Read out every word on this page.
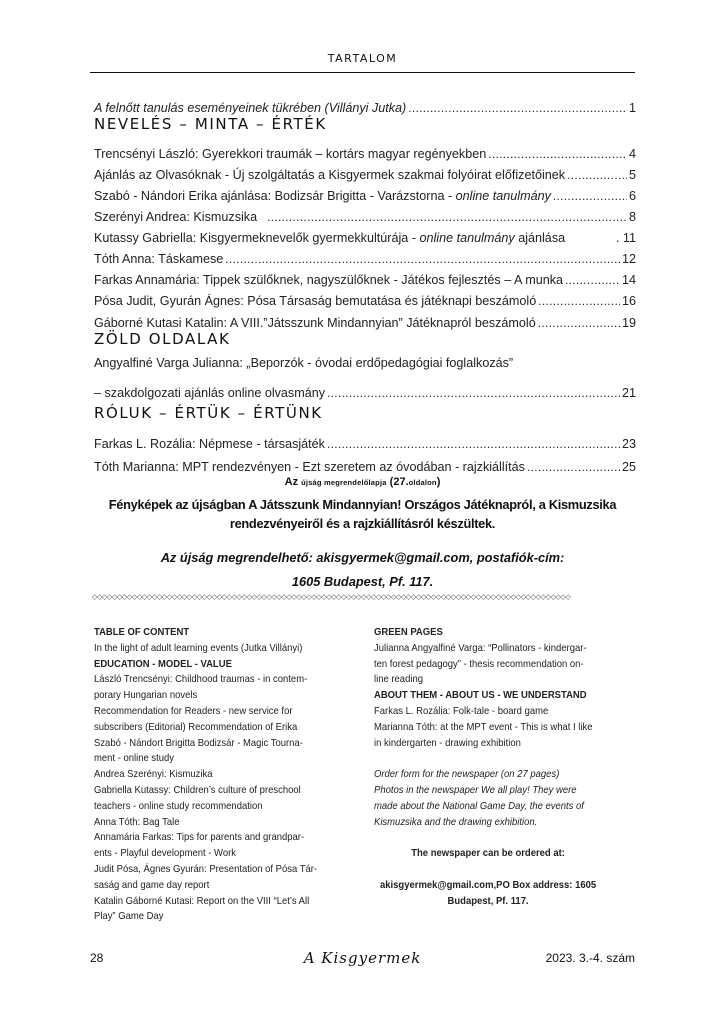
TARTALOM
A felnőtt tanulás eseményeinek tükrében (Villányi Jutka) .....	1
NEVELÉS – MINTA – ÉRTÉK
Trencsényi László: Gyerekkori traumák – kortárs magyar regényekben .....	4
Ajánlás az Olvasóknak - Új szolgáltatás a Kisgyermek szakmai folyóirat előfizetőinek .....	5
Szabó - Nándori Erika ajánlása: Bodizsár Brigitta - Varázstorna - online tanulmány .....	6
Szerényi Andrea: Kismuzsika .....	8
Kutassy Gabriella: Kisgyermeknevelők gyermekkultúrája - online tanulmány ajánlása	. 11
Tóth Anna: Táskamese .....	12
Farkas Annamária: Tippek szülőknek, nagyszülőknek - Játékos fejlesztés – A munka .....	14
Pósa Judit, Gyurán Ágnes: Pósa Társaság bemutatása és játéknapi beszámoló .....	16
Gáborné Kutasi Katalin: A VIII.”Játsszunk Mindannyian” Játéknapról beszámoló .....	19
ZÖLD OLDALAK
Angyalfiné Varga Julianna: „Beporzók - óvodai erdőpedagógiai foglalkozás”
– szakdolgozati ajánlás online olvasmány .....	21
RÓLUK – ÉRTÜK – ÉRTÜNK
Farkas L. Rozália: Népmese - társasjáték .....	23
Tóth Marianna: MPT rendezvényen - Ezt szeretem az óvodában - rajzkiállítás .....	25
Az újság megrendelőlapja (27.oldalon)
Fényképek az újságban A Játsszunk Mindannyian! Országos Játéknapról, a Kismuzsika rendezvényeiről és a rajzkiállításról készültek.
Az újság megrendelhető: akisgyermek@gmail.com, postafiók-cím:
1605 Budapest, Pf. 117.
◇◇◇◇◇◇◇◇◇◇◇◇◇◇◇◇◇◇◇◇◇◇◇◇◇◇◇◇◇◇◇◇◇◇◇◇◇◇◇◇◇◇◇◇◇◇◇◇◇◇◇◇◇◇◇◇◇◇◇◇◇◇◇◇◇◇◇◇◇◇◇◇◇◇◇◇◇◇◇◇◇◇◇◇◇◇◇◇◇◇◇◇◇◇◇◇
TABLE OF CONTENT
In the light of adult learning events (Jutka Villányi)
EDUCATION - MODEL - VALUE
László Trencsényi: Childhood traumas - in contem-
porary Hungarian novels
Recommendation for Readers - new service for
subscribers (Editorial) Recommendation of Erika
Szabó - Nándort Brigitta Bodizsár - Magic Tourna-
ment - online study
Andrea Szerényi: Kismuzika
Gabriella Kutassy: Children’s culture of preschool
teachers - online study recommendation
Anna Tóth: Bag Tale
Annamária Farkas: Tips for parents and grandpar-
ents - Playful development - Work
Judit Pósa, Ágnes Gyurán: Presentation of Pósa Tár-
saság and game day report
Katalin Gáborné Kutasi: Report on the VIII “Let’s All
Play” Game Day
GREEN PAGES
Julianna Angyalfiné Varga: “Pollinators - kindergar-
ten forest pedagogy” - thesis recommendation on-
line reading
ABOUT THEM - ABOUT US - WE UNDERSTAND
Farkas L. Rozália: Folk-tale - board game
Marianna Tóth: at the MPT event - This is what I like
in kindergarten - drawing exhibition
Order form for the newspaper (on 27 pages)
Photos in the newspaper We all play! They were
made about the National Game Day, the events of
Kismuzsika and the drawing exhibition.
The newspaper can be ordered at:
akisgyermek@gmail.com,PO Box address: 1605
Budapest, Pf. 117.
28	A Kisgyermek	2023. 3.-4. szám
